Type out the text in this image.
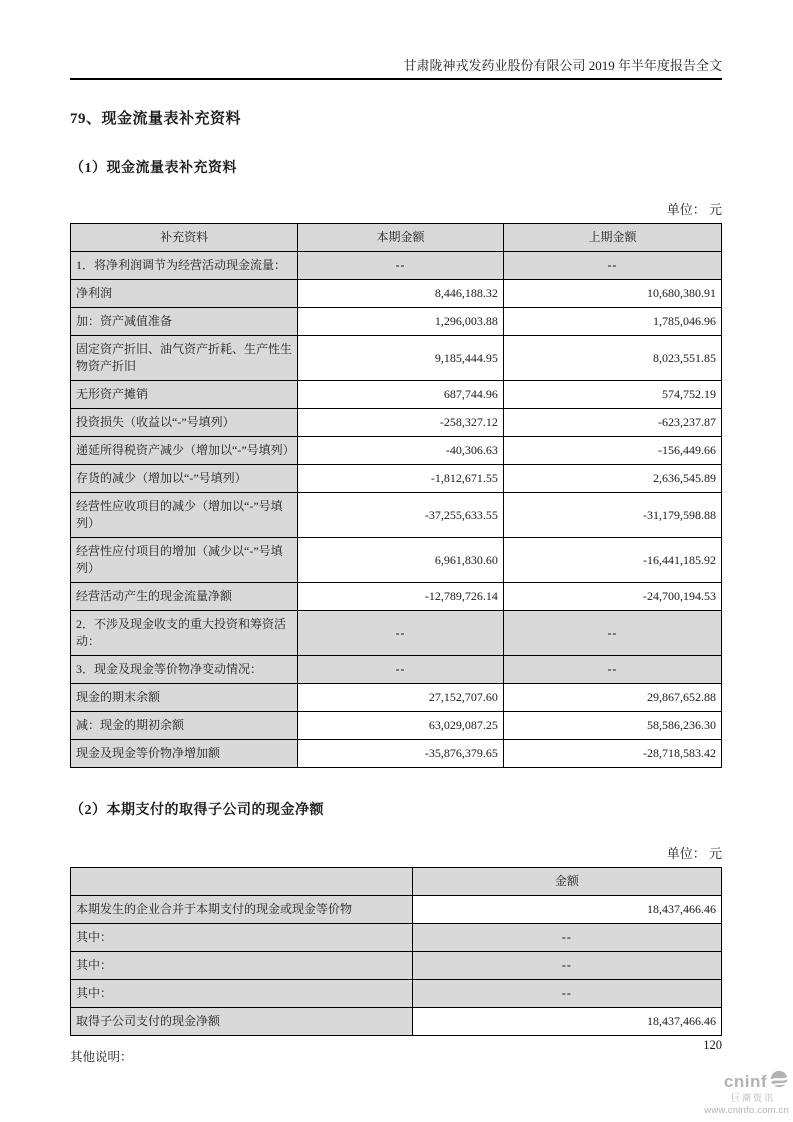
甘肃陇神戎发药业股份有限公司 2019 年半年度报告全文
79、现金流量表补充资料
（1）现金流量表补充资料
单位： 元
补充资料	本期金额	上期金额
1．将净利润调节为经营活动现金流量：	--	--
净利润	8,446,188.32	10,680,380.91
加：资产减值准备	1,296,003.88	1,785,046.96
固定资产折旧、油气资产折耗、生产性生物资产折旧	9,185,444.95	8,023,551.85
无形资产摊销	687,744.96	574,752.19
投资损失（收益以“-”号填列）	-258,327.12	-623,237.87
递延所得税资产减少（增加以“-”号填列）	-40,306.63	-156,449.66
存货的减少（增加以“-”号填列）	-1,812,671.55	2,636,545.89
经营性应收项目的减少（增加以“-”号填列）	-37,255,633.55	-31,179,598.88
经营性应付项目的增加（减少以“-”号填列）	6,961,830.60	-16,441,185.92
经营活动产生的现金流量净额	-12,789,726.14	-24,700,194.53
2．不涉及现金收支的重大投资和筹资活动：	--	--
3．现金及现金等价物净变动情况：	--	--
现金的期末余额	27,152,707.60	29,867,652.88
减：现金的期初余额	63,029,087.25	58,586,236.30
现金及现金等价物净增加额	-35,876,379.65	-28,718,583.42
（2）本期支付的取得子公司的现金净额
单位： 元
	金额
本期发生的企业合并于本期支付的现金或现金等价物	18,437,466.46
其中：	--
其中：	--
其中：	--
取得子公司支付的现金净额	18,437,466.46
其他说明：
120
cninf
巨潮资讯
www.cninfo.com.cn
